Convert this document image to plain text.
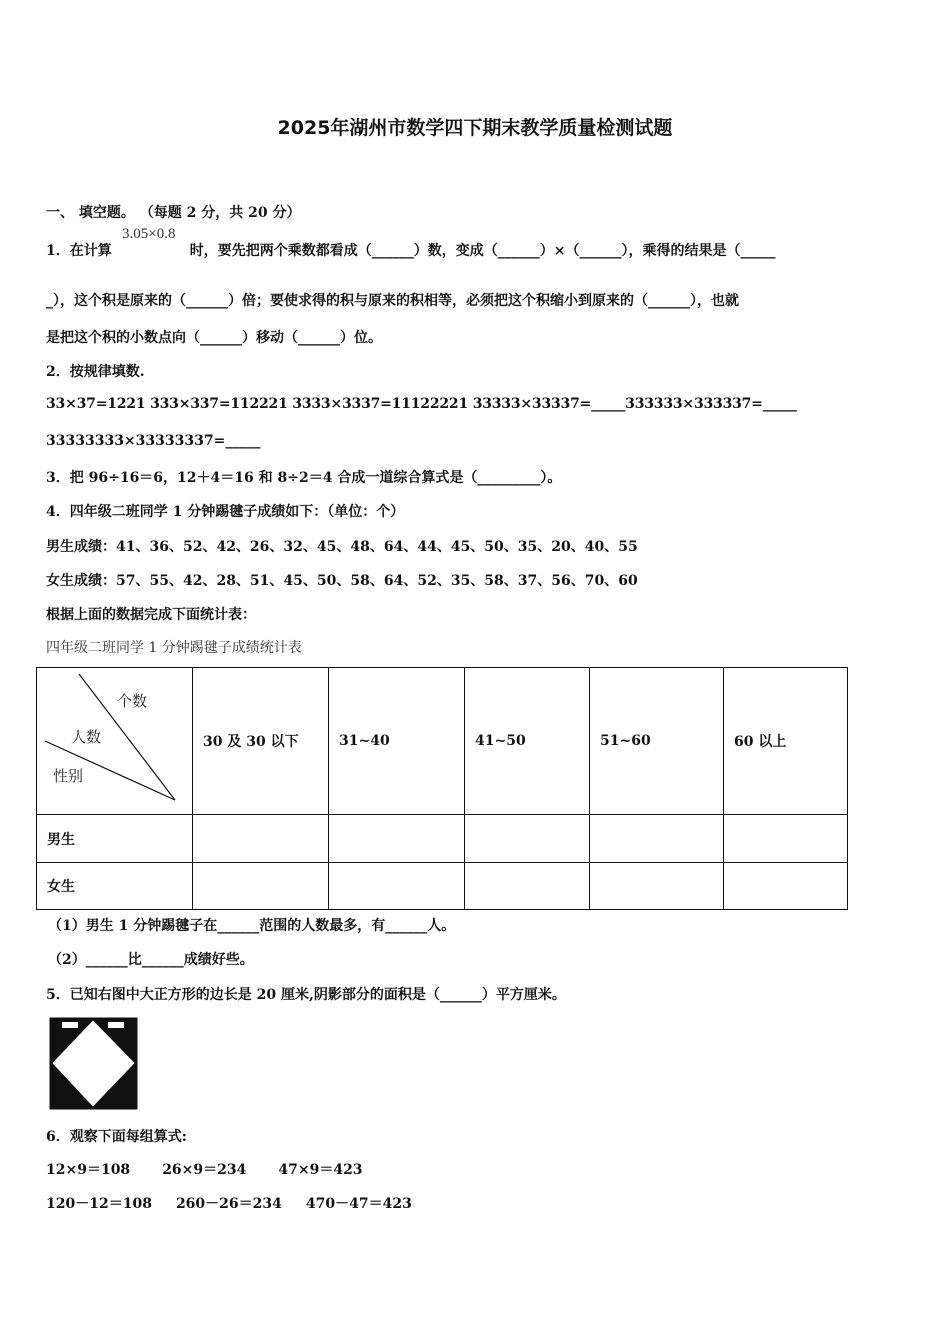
2025年湖州市数学四下期末教学质量检测试题
一、 填空题。 （每题 2 分，共 20 分）
3.05×0.8
1．在计算	时，要先把两个乘数都看成（______）数，变成（______）×（______），乘得的结果是（_____
_），这个积是原来的（______）倍；要使求得的积与原来的积相等，必须把这个积缩小到原来的（______），也就
是把这个积的小数点向（______）移动（______）位。
2．按规律填数.
33×37=1221 333×337=112221 3333×3337=11122221 33333×33337=_____333333×333337=_____
33333333×33333337=_____
3．把 96÷16＝6，12＋4＝16 和 8÷2＝4 合成一道综合算式是（_________）。
4．四年级二班同学 1 分钟踢毽子成绩如下：（单位：个）
男生成绩：41、36、52、42、26、32、45、48、64、44、45、50、35、20、40、55
女生成绩：57、55、42、28、51、45、50、58、64、52、35、58、37、56、70、60
根据上面的数据完成下面统计表：
四年级二班同学 1 分钟踢毽子成绩统计表
个数
人数
性别	30 及 30 以下	31~40	41~50	51~60	60 以上
男生					
女生					
（1）男生 1 分钟踢毽子在______范围的人数最多，有______人。
（2）______比______成绩好些。
5．已知右图中大正方形的边长是 20 厘米,阴影部分的面积是（______）平方厘米。
6．观察下面每组算式:
12×9＝108 26×9＝234 47×9＝423
120－12＝108 260－26＝234 470－47＝423
